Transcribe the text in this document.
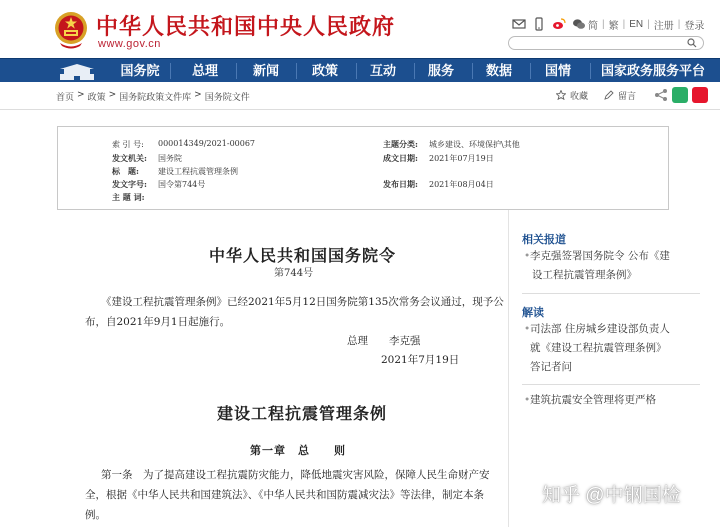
中华人民共和国中央人民政府
www.gov.cn
简 | 繁 | EN | 注册 | 登录
国务院	总理	新闻	政策	互动	服务	数据	国情	国家政务服务平台
首页 > 政策 > 国务院政策文件库 > 国务院文件	收藏	留言
索 引 号: 000014349/2021-00067	主题分类: 城乡建设、环境保护\其他
发文机关: 国务院	成文日期: 2021年07月19日
标　题: 建设工程抗震管理条例
发文字号: 国令第744号	发布日期: 2021年08月04日
主 题 词:
中华人民共和国国务院令
第744号
《建设工程抗震管理条例》已经2021年5月12日国务院第135次常务会议通过，现予公
布，自2021年9月1日起施行。
总理　　李克强
2021年7月19日
建设工程抗震管理条例
第一章　总　　则
第一条　为了提高建设工程抗震防灾能力，降低地震灾害风险，保障人民生命财产安
全，根据《中华人民共和国建筑法》、《中华人民共和国防震减灾法》等法律，制定本条
例。
相关报道
• 李克强签署国务院令 公布《建
设工程抗震管理条例》
解读
• 司法部 住房城乡建设部负责人
就《建设工程抗震管理条例》
答记者问
• 建筑抗震安全管理将更严格
知乎 @中钢国检
